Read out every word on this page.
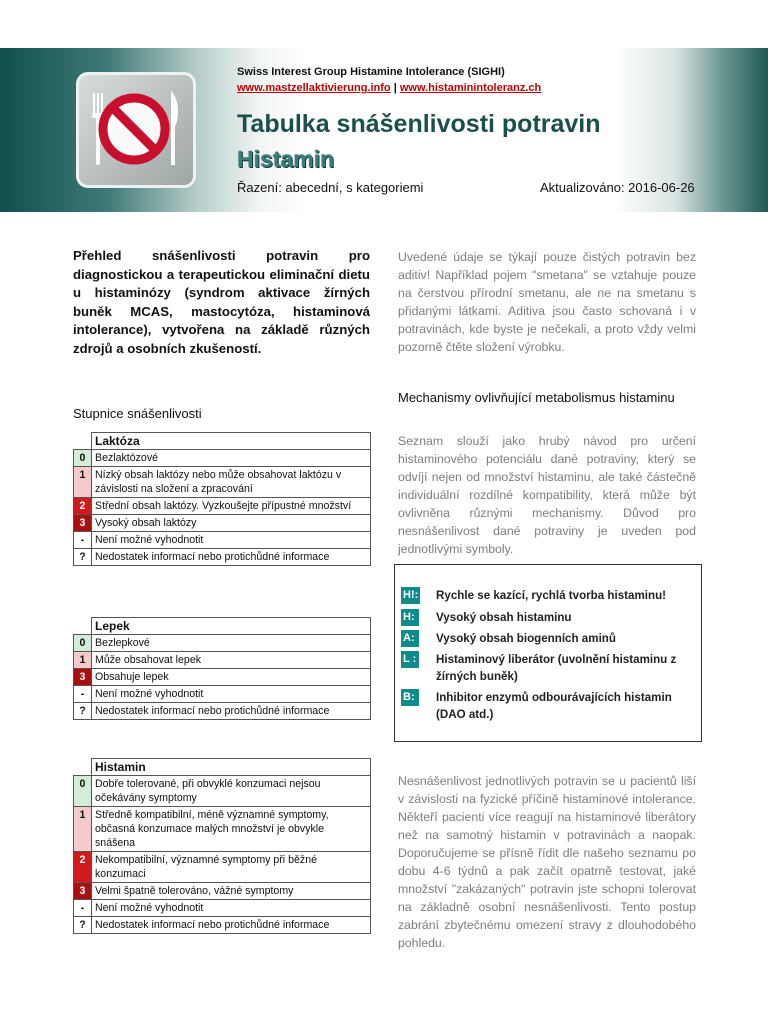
Swiss Interest Group Histamine Intolerance (SIGHI)
www.mastzellaktivierung.info | www.histaminintoleranz.ch
Tabulka snášenlivosti potravin
Histamin
Řazení: abecední, s kategoriemi	Aktualizováno: 2016-06-26
Přehled snášenlivosti potravin pro diagnostickou a terapeutickou eliminační dietu u histaminózy (syndrom aktivace žírných buněk MCAS, mastocytóza, histaminová intolerance), vytvořena na základě různých zdrojů a osobních zkušeností.
Stupnice snášenlivosti
	Laktóza
0	Bezlaktózové
1	Nízký obsah laktózy nebo může obsahovat laktózu v závislosti na složení a zpracování
2	Střední obsah laktózy. Vyzkoušejte přípustné množství
3	Vysoký obsah laktózy
-	Není možné vyhodnotit
?	Nedostatek informací nebo protichůdné informace
	Lepek
0	Bezlepkové
1	Může obsahovat lepek
3	Obsahuje lepek
-	Není možné vyhodnotit
?	Nedostatek informací nebo protichůdné informace
	Histamin
0	Dobře tolerované, při obvyklé konzumaci nejsou očekávány symptomy
1	Středně kompatibilní, méně významné symptomy, občasná konzumace malých množství je obvykle snášena
2	Nekompatibilní, významné symptomy při běžné konzumaci
3	Velmi špatně tolerováno, vážné symptomy
-	Není možné vyhodnotit
?	Nedostatek informací nebo protichůdné informace
Uvedené údaje se týkají pouze čistých potravin bez aditiv! Například pojem "smetana" se vztahuje pouze na čerstvou přírodní smetanu, ale ne na smetanu s přidanými látkami. Aditiva jsou často schovaná i v potravinách, kde byste je nečekali, a proto vždy velmi pozorně čtěte složení výrobku.
Mechanismy ovlivňující metabolismus histaminu
Seznam slouží jako hrubý návod pro určení histaminového potenciálu dané potraviny, který se odvíjí nejen od množství histaminu, ale také částečně individuální rozdílné kompatibility, která může být ovlivněna různými mechanismy. Důvod pro nesnášenlivost dané potraviny je uveden pod jednotlivými symboly.
H!: Rychle se kazící, rychlá tvorba histaminu!
H:	Vysoký obsah histaminu
A:	Vysoký obsah biogenních aminů
L : Histaminový liberátor (uvolnění histaminu z žírných buněk)
B:	Inhibitor enzymů odbourávajících histamin (DAO atd.)
Nesnášenlivost jednotlivých potravin se u pacientů liší v závislosti na fyzické příčině histaminové intolerance. Někteří pacienti více reagují na histaminové liberátory než na samotný histamin v potravinách a naopak. Doporučujeme se přísně řídit dle našeho seznamu po dobu 4-6 týdnů a pak začít opatrně testovat, jaké množství "zakázaných" potravin jste schopni tolerovat na základně osobní nesnášenlivosti. Tento postup zabrání zbytečnému omezení stravy z dlouhodobého pohledu.
